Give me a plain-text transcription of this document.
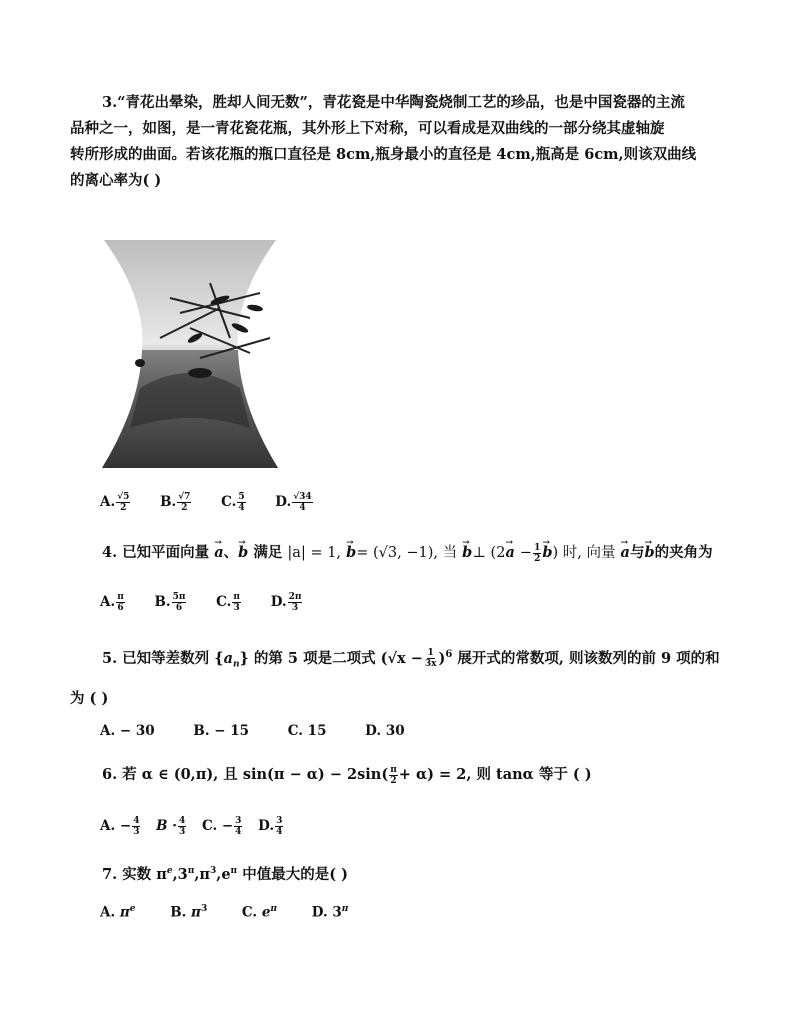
3.“青花出晕染，胜却人间无数”，青花瓷是中华陶瓷烧制工艺的珍品，也是中国瓷器的主流
品种之一，如图，是一青花瓷花瓶，其外形上下对称，可以看成是双曲线的一部分绕其虚轴旋
转所形成的曲面。若该花瓶的瓶口直径是 8cm,瓶身最小的直径是 4cm,瓶高是 6cm,则该双曲线
的离心率为( )
A. $\frac{√5}{2} B$. $\frac{√7}{2} C$. $\frac{5}{4} D$. $\frac{√34}{4}$
4. 已知平面向量 → a、→ b 满足 |a| = 1, → b= (√3, −1), 当 → b⊥ ($2\to a - \frac{1}{2}$
→ b) 时, 向量 → a与→ b的夹角为
A. $\frac{\pi}{6} B$. $\frac{5\pi}{6} C$. $\frac{\pi}{3} D$. $\frac{2\pi}{3}$
5. 已知等差数列 $\{a_n\}$ 的第 5 项是二项式 $(√x - \frac{1}{3x} )^6$ 展开式的常数项, 则该数列的前 9 项的和
为 ( )
A. − 30	B. − 15	C. 15	D. 30
6. 若 α ∈ (0,π), 且 $\sin(\pi - \alpha) - 2\sin( \frac{\pi}{2} + \alpha) = 2$, 则 tanα 等于 ( )
A. − $\frac{4}{3}$ $B \cdot \frac{4}{3} C$. − $\frac{3}{4} D$. $\frac{3}{4}$
7. 实数 $\pi^e,3^\pi,\pi^3,e^\pi$ 中值最大的是( )
A. $\pi^e$	B. $\pi^3$	C. $e^\pi$	D. $3^\pi$
